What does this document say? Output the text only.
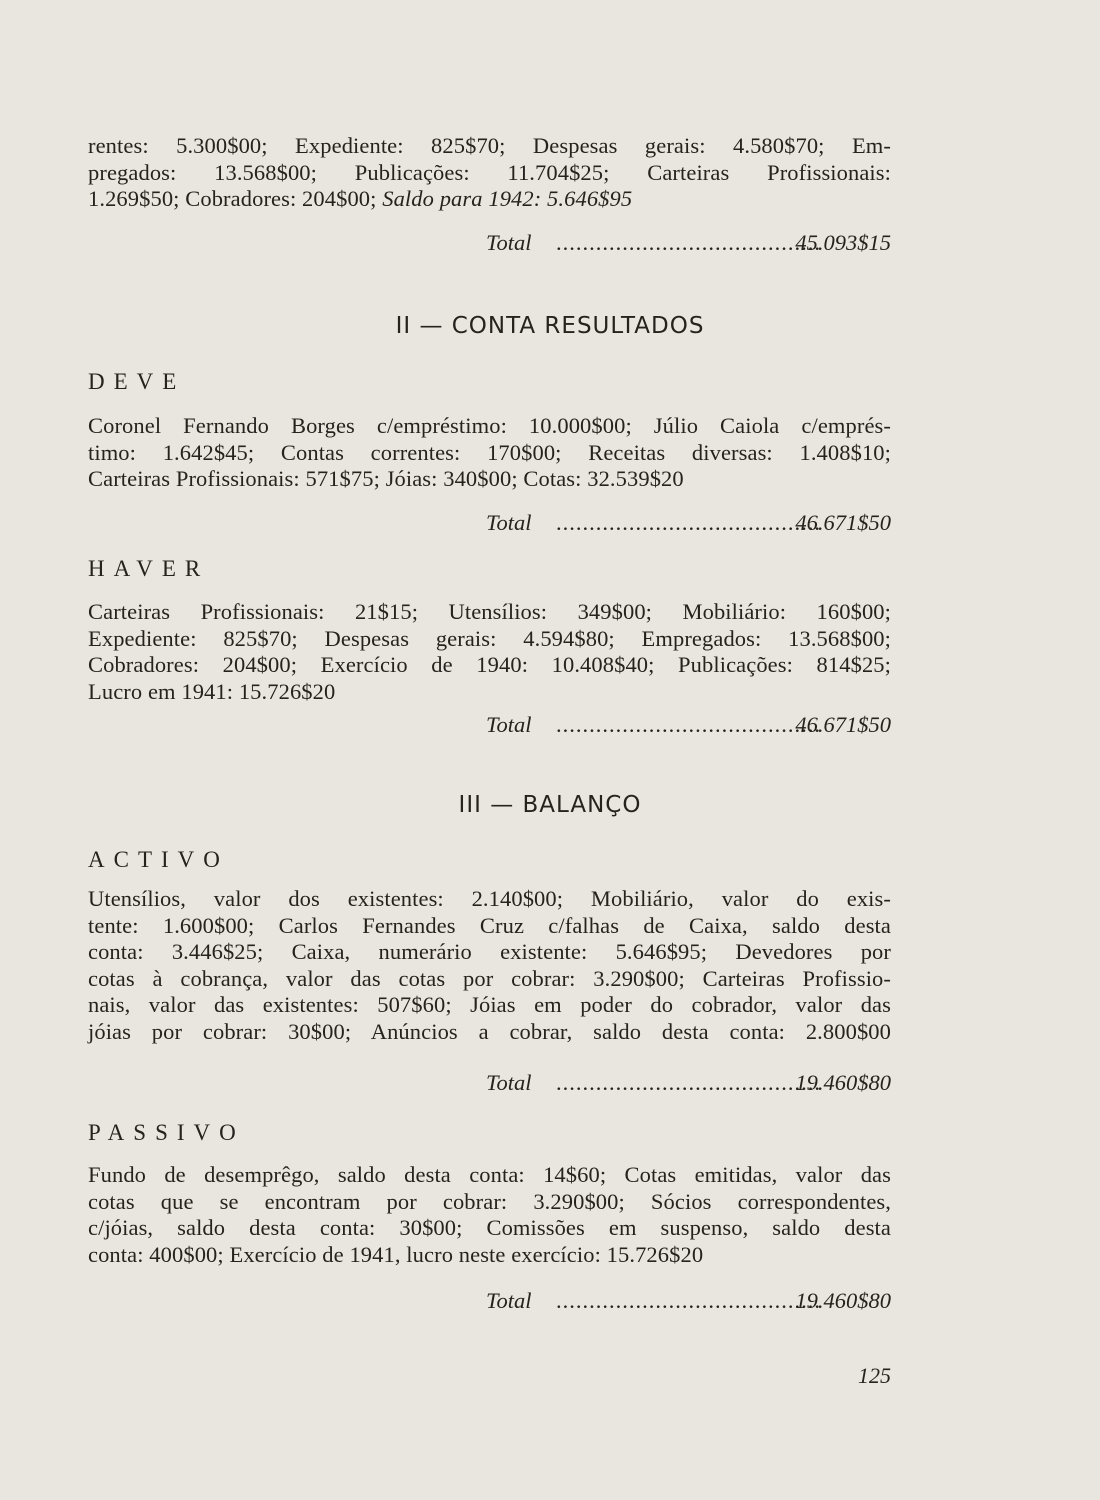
rentes: 5.300$00; Expediente: 825$70; Despesas gerais: 4.580$70; Em-
pregados: 13.568$00; Publicações: 11.704$25; Carteiras Profissionais:
1.269$50; Cobradores: 204$00; Saldo para 1942: 5.646$95
Total ........................................
45.093$15
II — CONTA RESULTADOS
DEVE
Coronel Fernando Borges c/empréstimo: 10.000$00; Júlio Caiola c/emprés-
timo: 1.642$45; Contas correntes: 170$00; Receitas diversas: 1.408$10;
Carteiras Profissionais: 571$75; Jóias: 340$00; Cotas: 32.539$20
Total ........................................
46.671$50
HAVER
Carteiras Profissionais: 21$15; Utensílios: 349$00; Mobiliário: 160$00;
Expediente: 825$70; Despesas gerais: 4.594$80; Empregados: 13.568$00;
Cobradores: 204$00; Exercício de 1940: 10.408$40; Publicações: 814$25;
Lucro em 1941: 15.726$20
Total ........................................
46.671$50
III — BALANÇO
ACTIVO
Utensílios, valor dos existentes: 2.140$00; Mobiliário, valor do exis-
tente: 1.600$00; Carlos Fernandes Cruz c/falhas de Caixa, saldo desta
conta: 3.446$25; Caixa, numerário existente: 5.646$95; Devedores por
cotas à cobrança, valor das cotas por cobrar: 3.290$00; Carteiras Profissio-
nais, valor das existentes: 507$60; Jóias em poder do cobrador, valor das
jóias por cobrar: 30$00; Anúncios a cobrar, saldo desta conta: 2.800$00
Total ........................................
19.460$80
PASSIVO
Fundo de desemprêgo, saldo desta conta: 14$60; Cotas emitidas, valor das
cotas que se encontram por cobrar: 3.290$00; Sócios correspondentes,
c/jóias, saldo desta conta: 30$00; Comissões em suspenso, saldo desta
conta: 400$00; Exercício de 1941, lucro neste exercício: 15.726$20
Total ........................................
19.460$80
125
